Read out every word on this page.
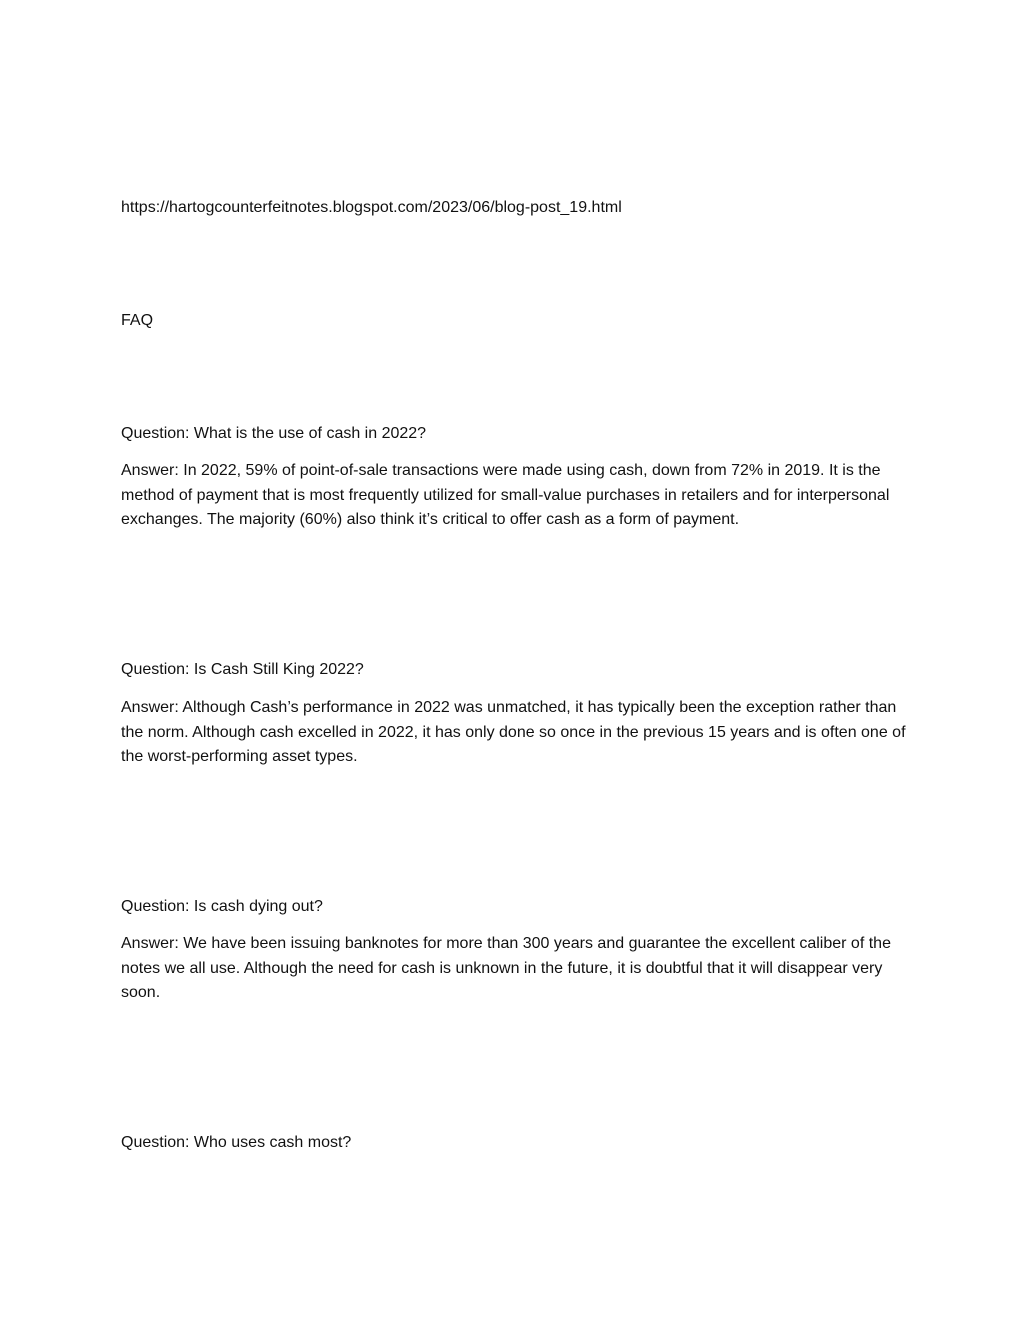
https://hartogcounterfeitnotes.blogspot.com/2023/06/blog-post_19.html
FAQ
Question: What is the use of cash in 2022?
Answer: In 2022, 59% of point-of-sale transactions were made using cash, down from 72% in 2019. It is the method of payment that is most frequently utilized for small-value purchases in retailers and for interpersonal exchanges. The majority (60%) also think it’s critical to offer cash as a form of payment.
Question: Is Cash Still King 2022?
Answer: Although Cash’s performance in 2022 was unmatched, it has typically been the exception rather than the norm. Although cash excelled in 2022, it has only done so once in the previous 15 years and is often one of the worst-performing asset types.
Question: Is cash dying out?
Answer: We have been issuing banknotes for more than 300 years and guarantee the excellent caliber of the notes we all use. Although the need for cash is unknown in the future, it is doubtful that it will disappear very soon.
Question: Who uses cash most?
